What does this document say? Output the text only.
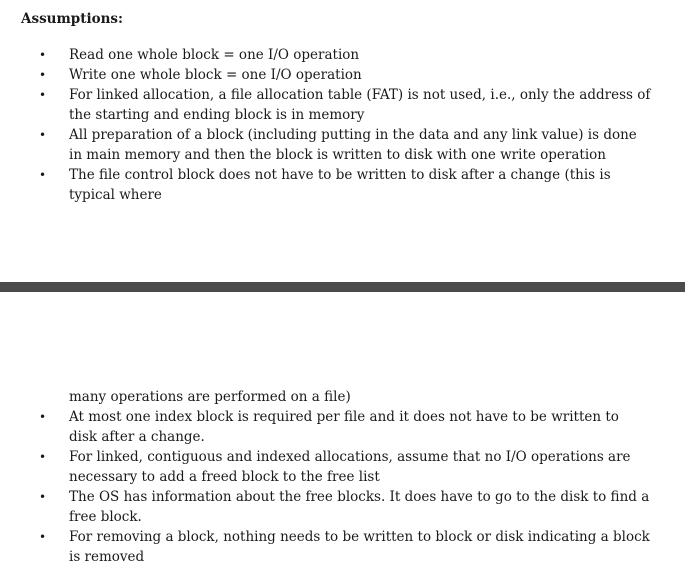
Assumptions:
• Read one whole block = one I/O operation
• Write one whole block = one I/O operation
• For linked allocation, a file allocation table (FAT) is not used, i.e., only the address of the starting and ending block is in memory
• All preparation of a block (including putting in the data and any link value) is done in main memory and then the block is written to disk with one write operation
• The file control block does not have to be written to disk after a change (this is typical where
many operations are performed on a file)
• At most one index block is required per file and it does not have to be written to disk after a change.
• For linked, contiguous and indexed allocations, assume that no I/O operations are necessary to add a freed block to the free list
• The OS has information about the free blocks. It does have to go to the disk to find a free block.
• For removing a block, nothing needs to be written to block or disk indicating a block is removed
